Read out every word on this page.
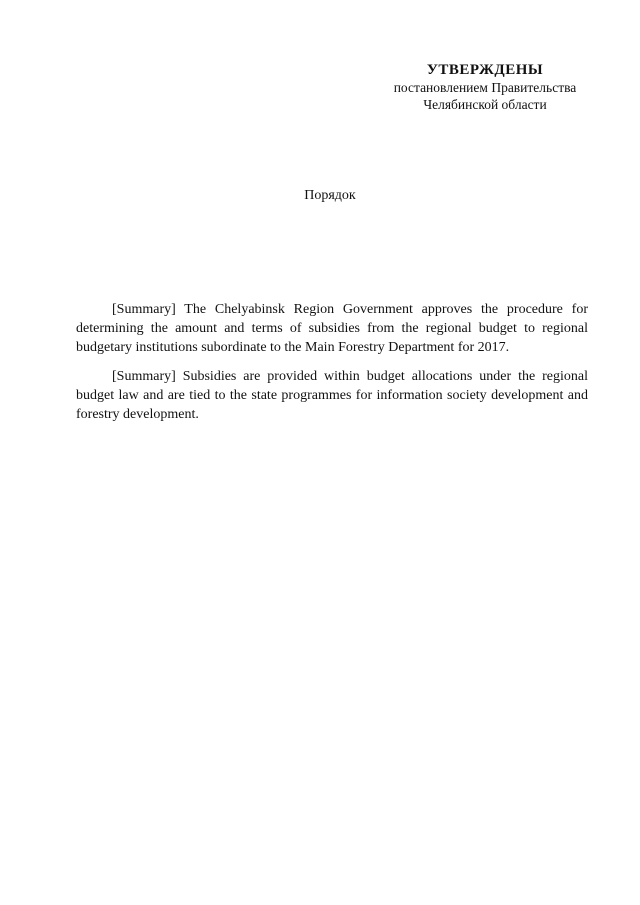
УТВЕРЖДЕНЫ
постановлением Правительства
Челябинской области
Порядок

[Summary] The Chelyabinsk Region Government approves the procedure for determining the amount and terms of subsidies from the regional budget to regional budgetary institutions subordinate to the Main Forestry Department for 2017.

[Summary] Subsidies are provided within budget allocations under the regional budget law and are tied to the state programmes for information society development and forestry development.
